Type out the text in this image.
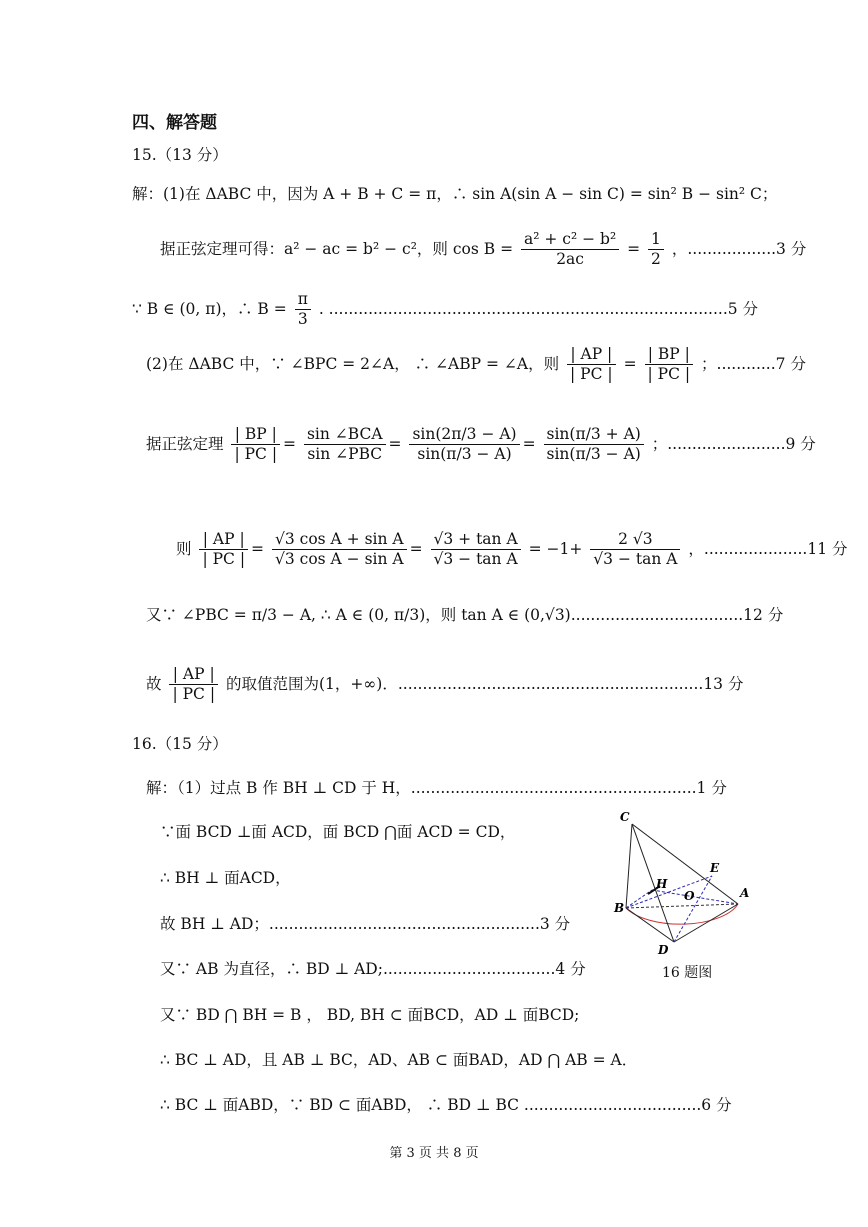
四、解答题
15.（13 分）
解：(1)在 ΔABC 中，因为 A + B + C = π，∴ sin A(sin A − sin C) = sin² B − sin² C；
据正弦定理可得：a² − ac = b² − c²，则 $\cos B = \frac{\text{a² + c² − b²}}{2ac} = \frac{1}{2}$ ，..................3 分
∵ B ∈ (0, π)，∴ $B = \frac{\pi}{3}$ . .................................................................................5 分
(2)在 ΔABC 中，∵ ∠BPC = 2∠A， ∴ ∠ABP = ∠A，则 $\frac{| AP |}{| PC |} = \frac{| BP |}{| PC |}$ ；............7 分
据正弦定理 $\frac{| BP |}{| PC |} = \frac{\text{sin ∠BCA}}{\text{sin ∠PBC}} = \frac{\sin(2\pi/3 - A)}{\sin(\pi/3 - A)} = \frac{\sin(\pi/3 + A)}{\sin(\pi/3 - A)}$ ；........................9 分
则 $\frac{| AP |}{| PC |} = \frac{\text{√3 cos A + sin A}}{\text{√3 cos A − sin A}} = \frac{\text{√3 + tan A}}{\text{√3 − tan A}} = -1+ \frac{2 √3}{\text{√3 − tan A}}$ ，.....................11 分
又∵ ∠PBC = π/3 − A, ∴ A ∈ (0, π/3)，则 tan A ∈ (0,√3)...................................12 分
故 $\frac{| AP |}{| PC |}$ 的取值范围为(1，+∞)．..............................................................13 分
16.（15 分）
解：（1）过点 B 作 BH ⊥ CD 于 H，..........................................................1 分
∵面 BCD ⊥面 ACD，面 BCD ⋂面 ACD = CD，
∴ BH ⊥ 面ACD，
故 BH ⊥ AD；.......................................................3 分
又∵ AB 为直径，∴ BD ⊥ AD;...................................4 分
又∵ BD ⋂ BH = B ， BD, BH ⊂ 面BCD，AD ⊥ 面BCD;
∴ BC ⊥ AD，且 AB ⊥ BC，AD、AB ⊂ 面BAD，AD ⋂ AB = A．
∴ BC ⊥ 面ABD，∵ BD ⊂ 面ABD， ∴ BD ⊥ BC ....................................6 分
C
E
H
O	A
B
D
16 题图
第 3 页 共 8 页
